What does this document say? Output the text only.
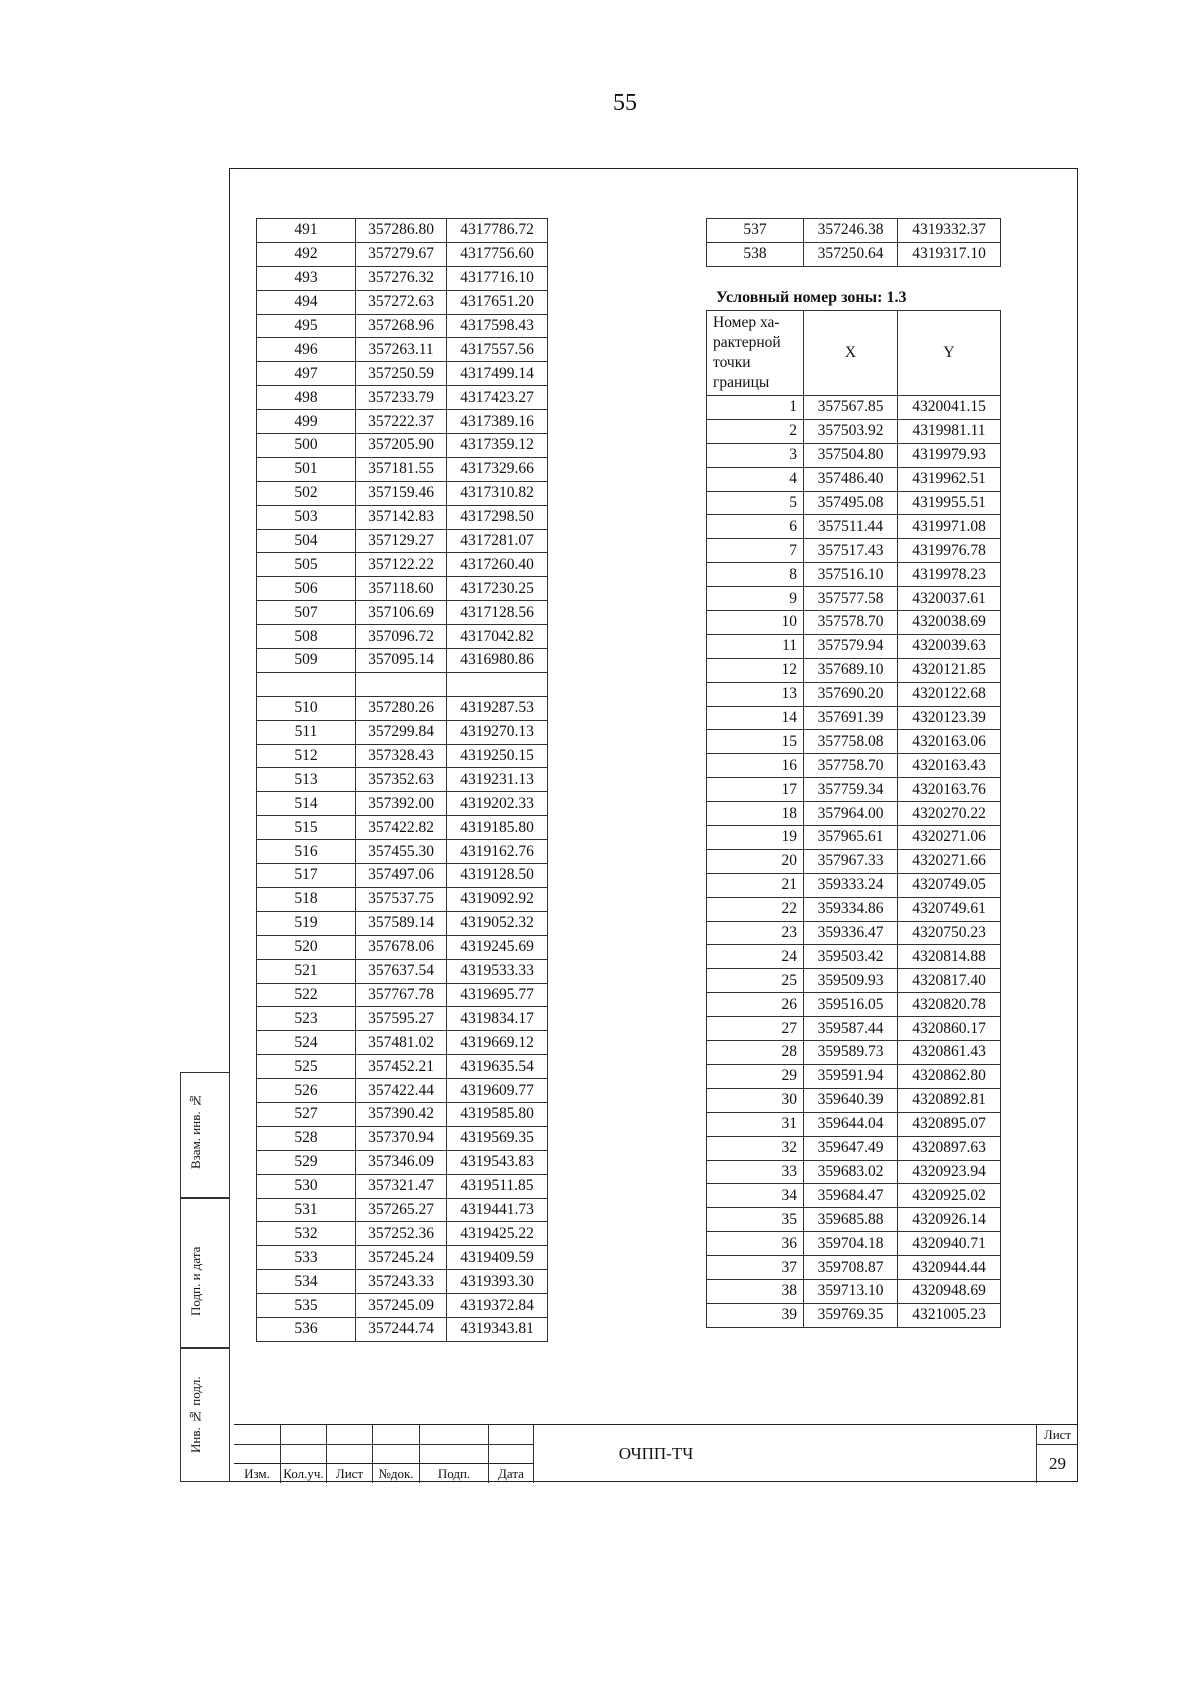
55
491	357286.80	4317786.72
492	357279.67	4317756.60
493	357276.32	4317716.10
494	357272.63	4317651.20
495	357268.96	4317598.43
496	357263.11	4317557.56
497	357250.59	4317499.14
498	357233.79	4317423.27
499	357222.37	4317389.16
500	357205.90	4317359.12
501	357181.55	4317329.66
502	357159.46	4317310.82
503	357142.83	4317298.50
504	357129.27	4317281.07
505	357122.22	4317260.40
506	357118.60	4317230.25
507	357106.69	4317128.56
508	357096.72	4317042.82
509	357095.14	4316980.86

510	357280.26	4319287.53
511	357299.84	4319270.13
512	357328.43	4319250.15
513	357352.63	4319231.13
514	357392.00	4319202.33
515	357422.82	4319185.80
516	357455.30	4319162.76
517	357497.06	4319128.50
518	357537.75	4319092.92
519	357589.14	4319052.32
520	357678.06	4319245.69
521	357637.54	4319533.33
522	357767.78	4319695.77
523	357595.27	4319834.17
524	357481.02	4319669.12
525	357452.21	4319635.54
526	357422.44	4319609.77
527	357390.42	4319585.80
528	357370.94	4319569.35
529	357346.09	4319543.83
530	357321.47	4319511.85
531	357265.27	4319441.73
532	357252.36	4319425.22
533	357245.24	4319409.59
534	357243.33	4319393.30
535	357245.09	4319372.84
536	357244.74	4319343.81
537	357246.38	4319332.37
538	357250.64	4319317.10
Условный номер зоны: 1.3
Номер ха-рактерной точки границы	X	Y
1	357567.85	4320041.15
2	357503.92	4319981.11
3	357504.80	4319979.93
4	357486.40	4319962.51
5	357495.08	4319955.51
6	357511.44	4319971.08
7	357517.43	4319976.78
8	357516.10	4319978.23
9	357577.58	4320037.61
10	357578.70	4320038.69
11	357579.94	4320039.63
12	357689.10	4320121.85
13	357690.20	4320122.68
14	357691.39	4320123.39
15	357758.08	4320163.06
16	357758.70	4320163.43
17	357759.34	4320163.76
18	357964.00	4320270.22
19	357965.61	4320271.06
20	357967.33	4320271.66
21	359333.24	4320749.05
22	359334.86	4320749.61
23	359336.47	4320750.23
24	359503.42	4320814.88
25	359509.93	4320817.40
26	359516.05	4320820.78
27	359587.44	4320860.17
28	359589.73	4320861.43
29	359591.94	4320862.80
30	359640.39	4320892.81
31	359644.04	4320895.07
32	359647.49	4320897.63
33	359683.02	4320923.94
34	359684.47	4320925.02
35	359685.88	4320926.14
36	359704.18	4320940.71
37	359708.87	4320944.44
38	359713.10	4320948.69
39	359769.35	4321005.23
Взам. инв. №
Подп. и дата
Инв. № подл.
Изм.	Кол.уч. Лист	№док.	Подп.	Дата
ОЧПП-ТЧ
Лист
29
